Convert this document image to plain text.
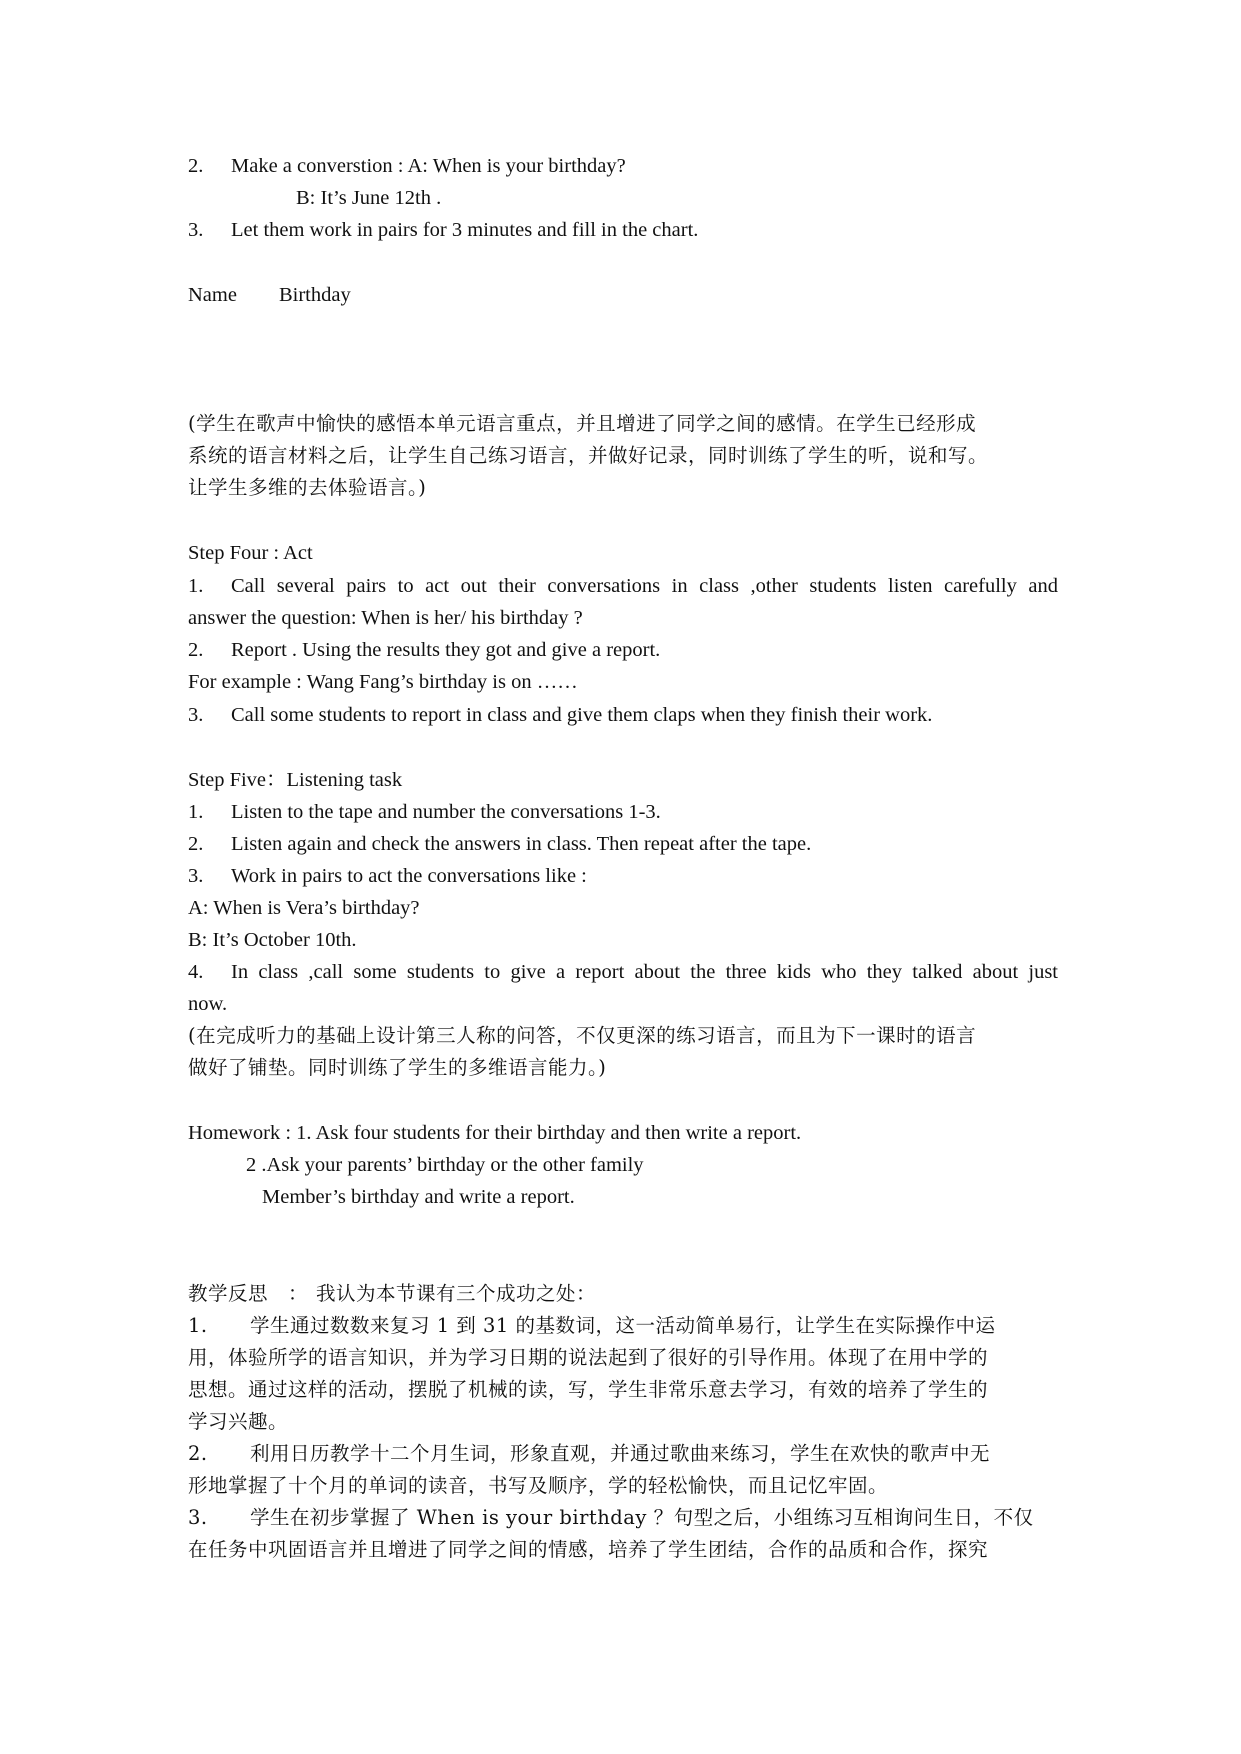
2. Make a converstion : A: When is your birthday?
B: It’s June 12th .
3. Let them work in pairs for 3 minutes and fill in the chart.
Name Birthday
(学生在歌声中愉快的感悟本单元语言重点，并且增进了同学之间的感情。在学生已经形成
系统的语言材料之后，让学生自己练习语言，并做好记录，同时训练了学生的听，说和写。
让学生多维的去体验语言。)
Step Four : Act
1. Call several pairs to act out their conversations in class ,other students listen carefully and
answer the question: When is her/ his birthday ?
2. Report . Using the results they got and give a report.
For example : Wang Fang’s birthday is on ……
3. Call some students to report in class and give them claps when they finish their work.
Step Five：Listening task
1. Listen to the tape and number the conversations 1-3.
2. Listen again and check the answers in class. Then repeat after the tape.
3. Work in pairs to act the conversations like :
A: When is Vera’s birthday?
B: It’s October 10th.
4. In class ,call some students to give a report about the three kids who they talked about just
now.
(在完成听力的基础上设计第三人称的问答，不仅更深的练习语言，而且为下一课时的语言
做好了铺垫。同时训练了学生的多维语言能力。)
Homework : 1. Ask four students for their birthday and then write a report.
2 .Ask your parents’ birthday or the other family
Member’s birthday and write a report.
教学反思 ： 我认为本节课有三个成功之处：
1. 学生通过数数来复习 1 到 31 的基数词，这一活动简单易行，让学生在实际操作中运
用，体验所学的语言知识，并为学习日期的说法起到了很好的引导作用。体现了在用中学的
思想。通过这样的活动，摆脱了机械的读，写，学生非常乐意去学习，有效的培养了学生的
学习兴趣。
2. 利用日历教学十二个月生词，形象直观，并通过歌曲来练习，学生在欢快的歌声中无
形地掌握了十个月的单词的读音，书写及顺序，学的轻松愉快，而且记忆牢固。
3. 学生在初步掌握了 When is your birthday ？句型之后，小组练习互相询问生日，不仅
在任务中巩固语言并且增进了同学之间的情感，培养了学生团结，合作的品质和合作，探究
